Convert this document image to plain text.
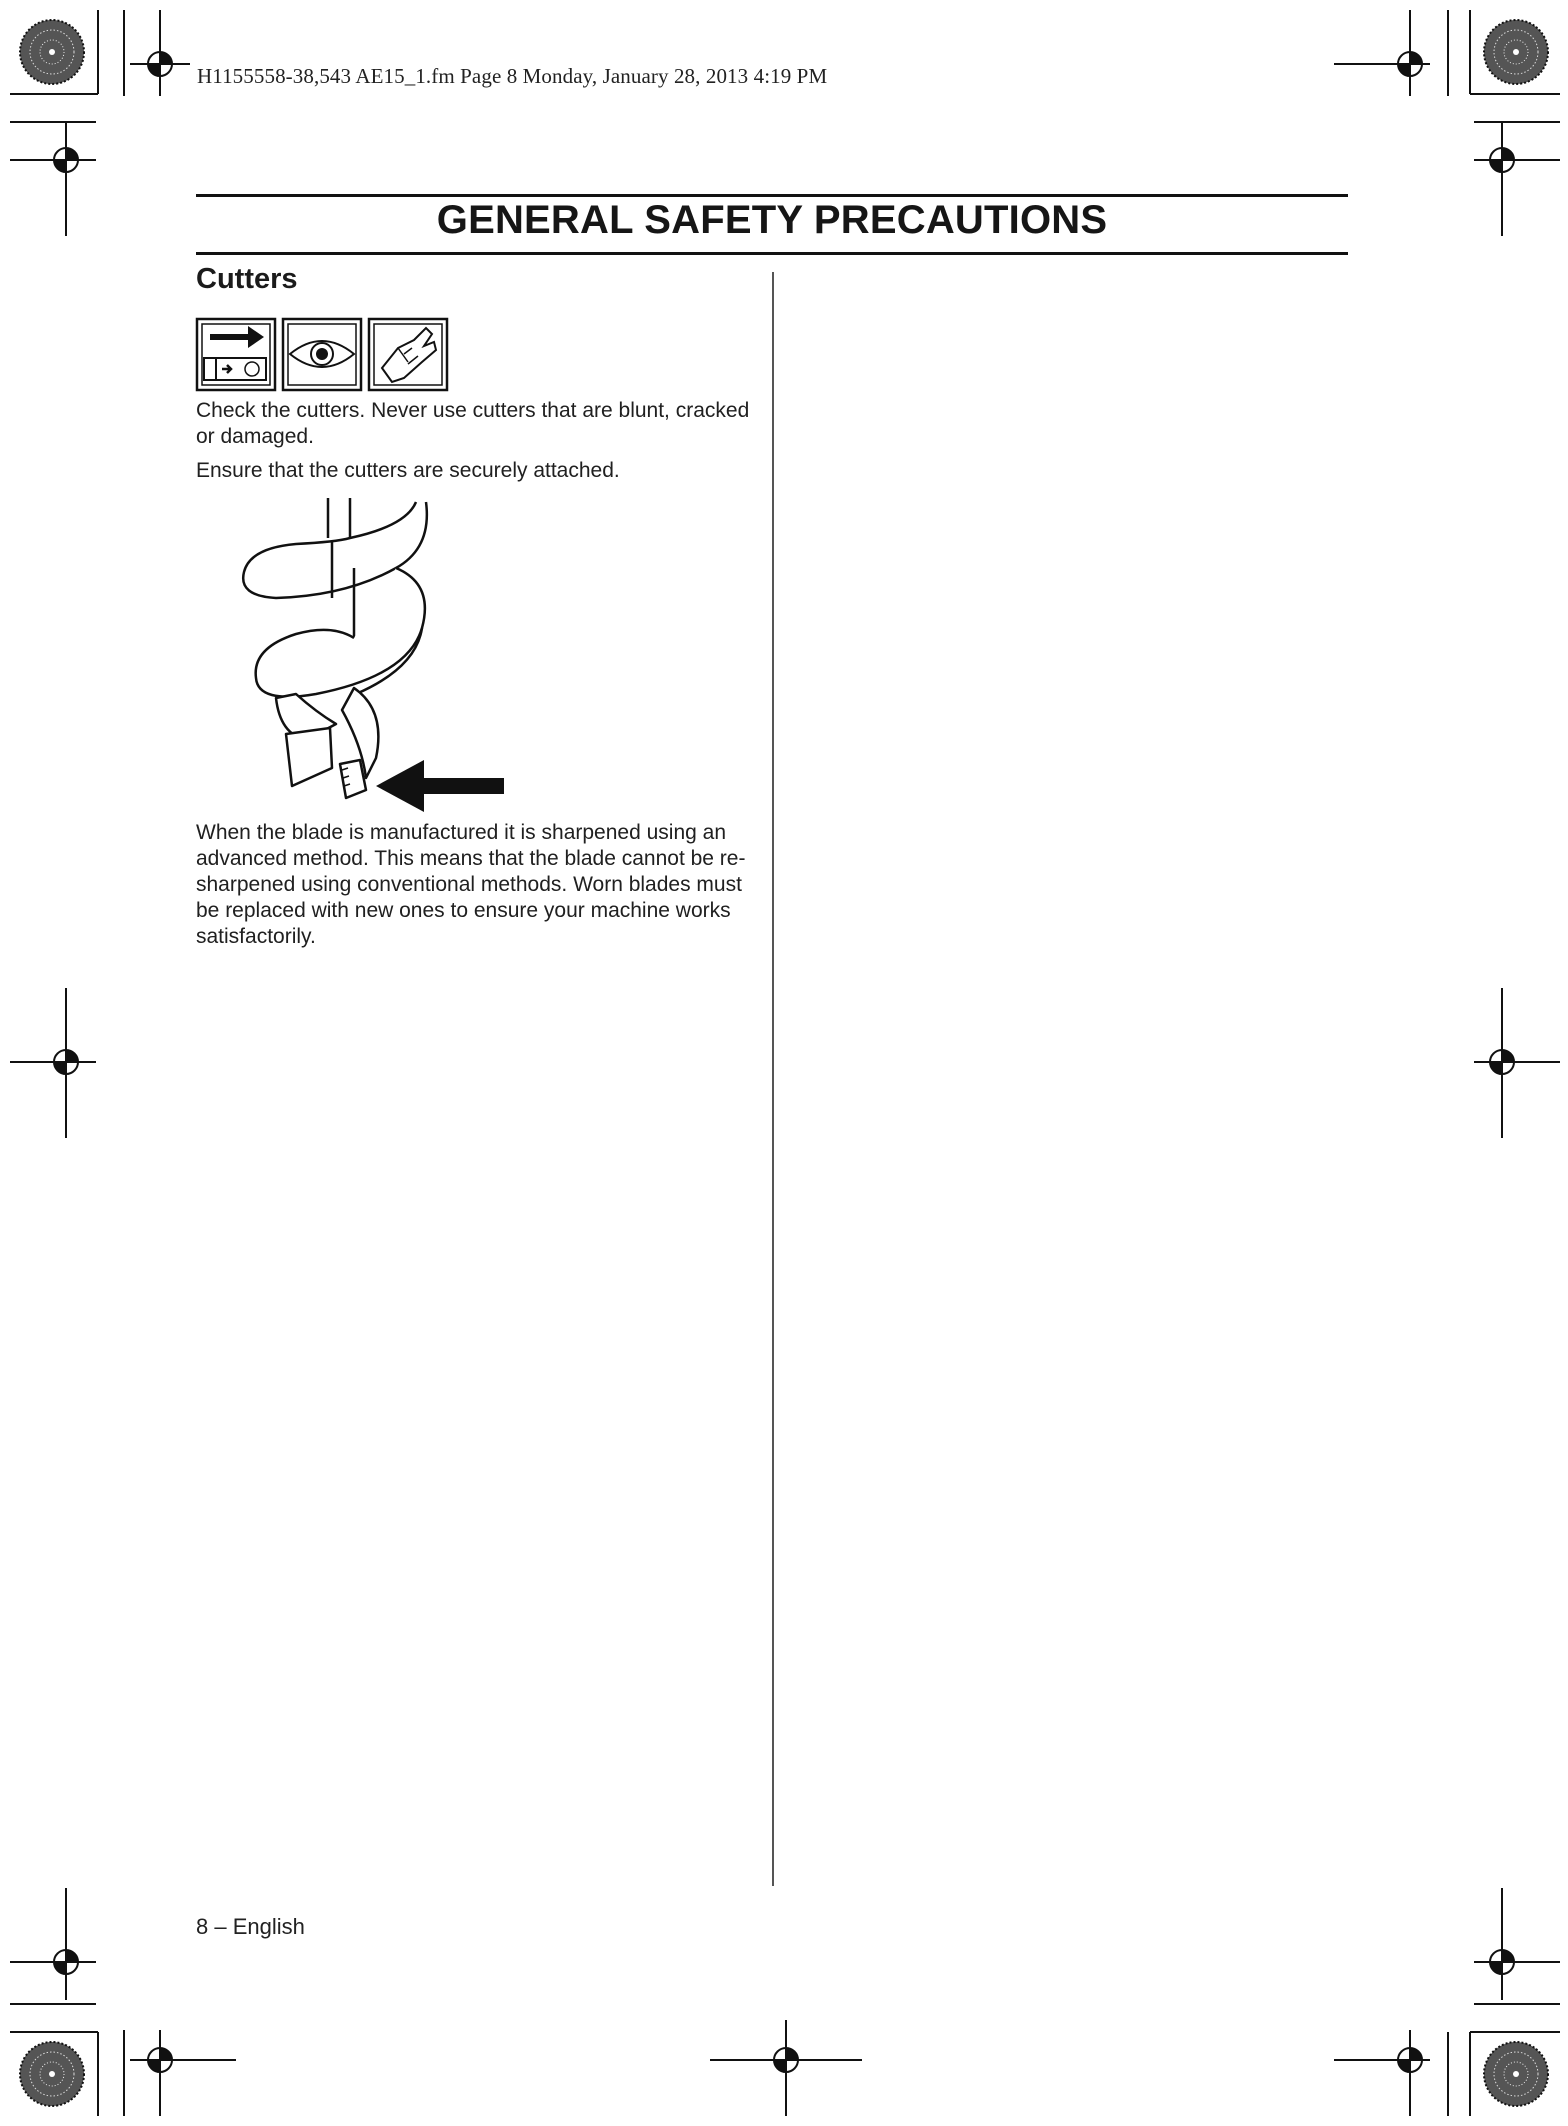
H1155558-38,543 AE15_1.fm Page 8 Monday, January 28, 2013 4:19 PM
GENERAL SAFETY PRECAUTIONS
Cutters
Check the cutters. Never use cutters that are blunt, cracked or damaged.
Ensure that the cutters are securely attached.
When the blade is manufactured it is sharpened using an advanced method. This means that the blade cannot be re-sharpened using conventional methods. Worn blades must be replaced with new ones to ensure your machine works satisfactorily.
8 – English
